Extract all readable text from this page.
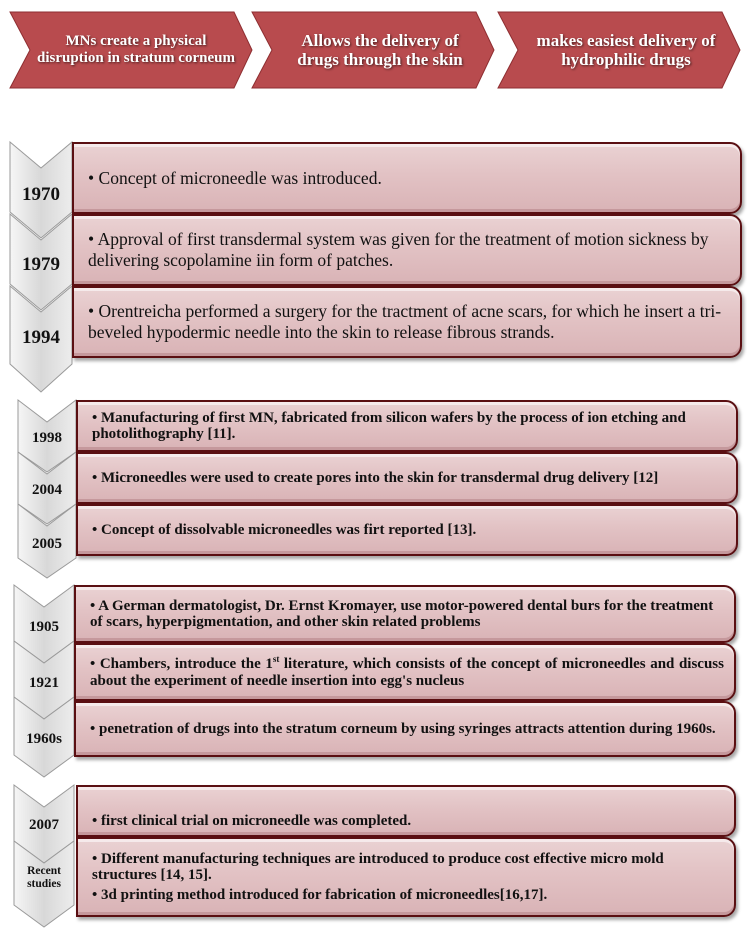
MNs create a physical disruption in stratum corneum
Allows the delivery of drugs through the skin
makes easiest delivery of hydrophilic drugs
1970
1979
1994

• Concept of microneedle was introduced.

• Approval of first transdermal system was given for the treatment of motion sickness by delivering scopolamine iin form of patches.

• Orentreicha performed a surgery for the tractment of acne scars, for which he insert a tri-beveled hypodermic needle into the skin to release fibrous strands.

1998
2004
2005

• Manufacturing of first MN, fabricated from silicon wafers by the process of ion etching and photolithography [11].

• Microneedles were used to create pores into the skin for transdermal drug delivery [12]

• Concept of dissolvable microneedles was firt reported [13].

1905
1921
1960s

• A German dermatologist, Dr. Ernst Kromayer, use motor-powered dental burs for the treatment of scars, hyperpigmentation, and other skin related problems

• Chambers, introduce the 1st literature, which consists of the concept of microneedles and discuss about the experiment of needle insertion into egg's nucleus

• penetration of drugs into the stratum corneum by using syringes attracts attention during 1960s.

2007
Recent studies

• first clinical trial on microneedle was completed.

• Different manufacturing techniques are introduced to produce cost effective micro mold structures [14, 15].

• 3d printing method introduced for fabrication of microneedles[16,17].
